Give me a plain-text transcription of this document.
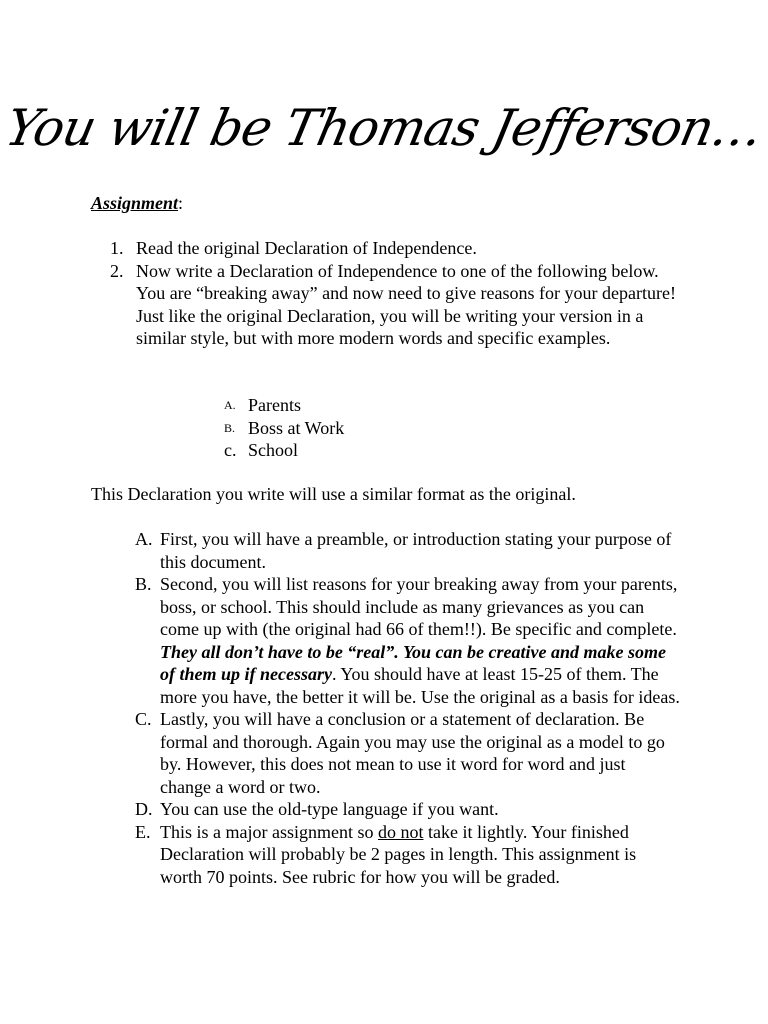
You will be Thomas Jefferson…
Assignment:
1. Read the original Declaration of Independence.
2. Now write a Declaration of Independence to one of the following below. You are “breaking away” and now need to give reasons for your departure! Just like the original Declaration, you will be writing your version in a similar style, but with more modern words and specific examples.
A. Parents
B. Boss at Work
c. School
This Declaration you write will use a similar format as the original.
A. First, you will have a preamble, or introduction stating your purpose of this document.
B. Second, you will list reasons for your breaking away from your parents, boss, or school. This should include as many grievances as you can come up with (the original had 66 of them!!). Be specific and complete. They all don’t have to be “real”. You can be creative and make some of them up if necessary. You should have at least 15-25 of them. The more you have, the better it will be. Use the original as a basis for ideas.
C. Lastly, you will have a conclusion or a statement of declaration. Be formal and thorough. Again you may use the original as a model to go by. However, this does not mean to use it word for word and just change a word or two.
D. You can use the old-type language if you want.
E. This is a major assignment so do not take it lightly. Your finished Declaration will probably be 2 pages in length. This assignment is worth 70 points. See rubric for how you will be graded.
